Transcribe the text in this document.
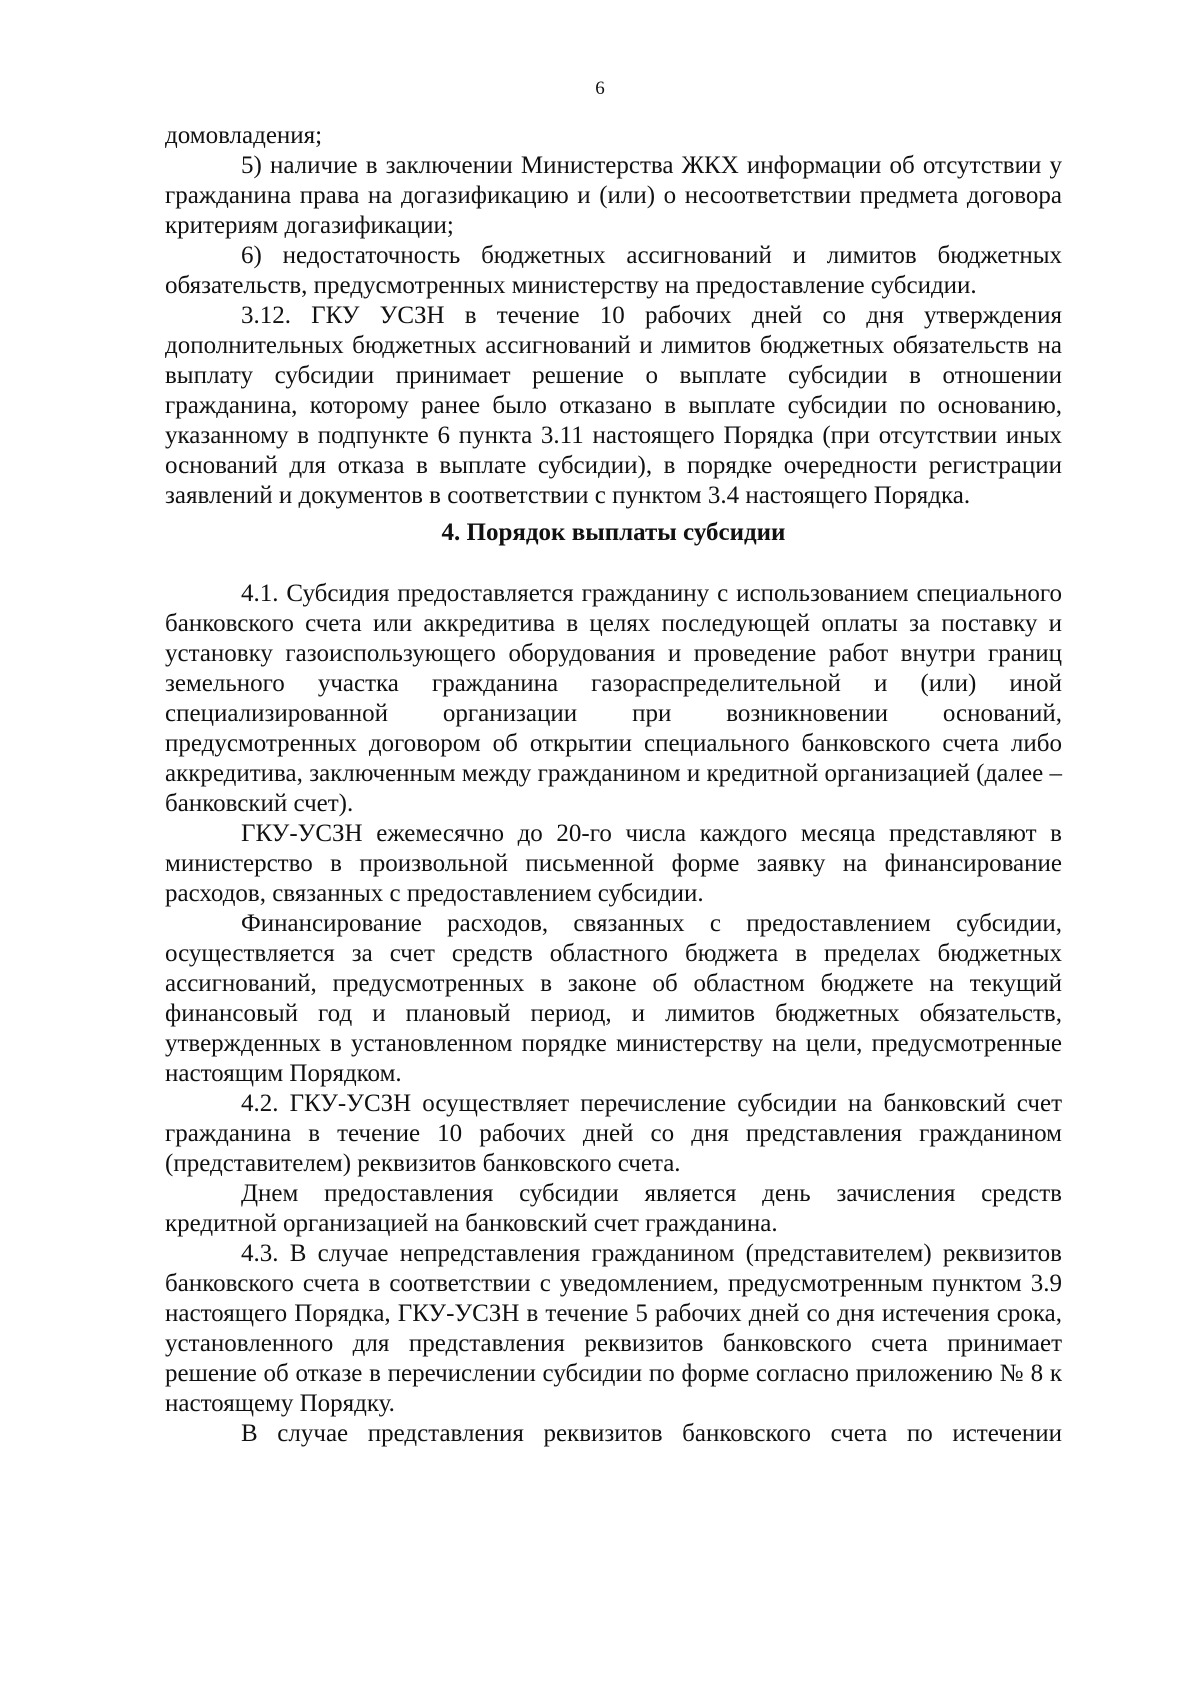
6

домовладения;

5) наличие в заключении Министерства ЖКХ информации об отсутствии у гражданина права на догазификацию и (или) о несоответствии предмета договора критериям догазификации;

6) недостаточность бюджетных ассигнований и лимитов бюджетных обязательств, предусмотренных министерству на предоставление субсидии.

3.12. ГКУ УСЗН в течение 10 рабочих дней со дня утверждения дополнительных бюджетных ассигнований и лимитов бюджетных обязательств на выплату субсидии принимает решение о выплате субсидии в отношении гражданина, которому ранее было отказано в выплате субсидии по основанию, указанному в подпункте 6 пункта 3.11 настоящего Порядка (при отсутствии иных оснований для отказа в выплате субсидии), в порядке очередности регистрации заявлений и документов в соответствии с пунктом 3.4 настоящего Порядка.

4. Порядок выплаты субсидии

4.1. Субсидия предоставляется гражданину с использованием специального банковского счета или аккредитива в целях последующей оплаты за поставку и установку газоиспользующего оборудования и проведение работ внутри границ земельного участка гражданина газораспределительной и (или) иной специализированной организации при возникновении оснований, предусмотренных договором об открытии специального банковского счета либо аккредитива, заключенным между гражданином и кредитной организацией (далее – банковский счет).

ГКУ-УСЗН ежемесячно до 20-го числа каждого месяца представляют в министерство в произвольной письменной форме заявку на финансирование расходов, связанных с предоставлением субсидии.

Финансирование расходов, связанных с предоставлением субсидии, осуществляется за счет средств областного бюджета в пределах бюджетных ассигнований, предусмотренных в законе об областном бюджете на текущий финансовый год и плановый период, и лимитов бюджетных обязательств, утвержденных в установленном порядке министерству на цели, предусмотренные настоящим Порядком.

4.2. ГКУ-УСЗН осуществляет перечисление субсидии на банковский счет гражданина в течение 10 рабочих дней со дня представления гражданином (представителем) реквизитов банковского счета.

Днем предоставления субсидии является день зачисления средств кредитной организацией на банковский счет гражданина.

4.3. В случае непредставления гражданином (представителем) реквизитов банковского счета в соответствии с уведомлением, предусмотренным пунктом 3.9 настоящего Порядка, ГКУ-УСЗН в течение 5 рабочих дней со дня истечения срока, установленного для представления реквизитов банковского счета принимает решение об отказе в перечислении субсидии по форме согласно приложению № 8 к настоящему Порядку.

В случае представления реквизитов банковского счета по истечении
